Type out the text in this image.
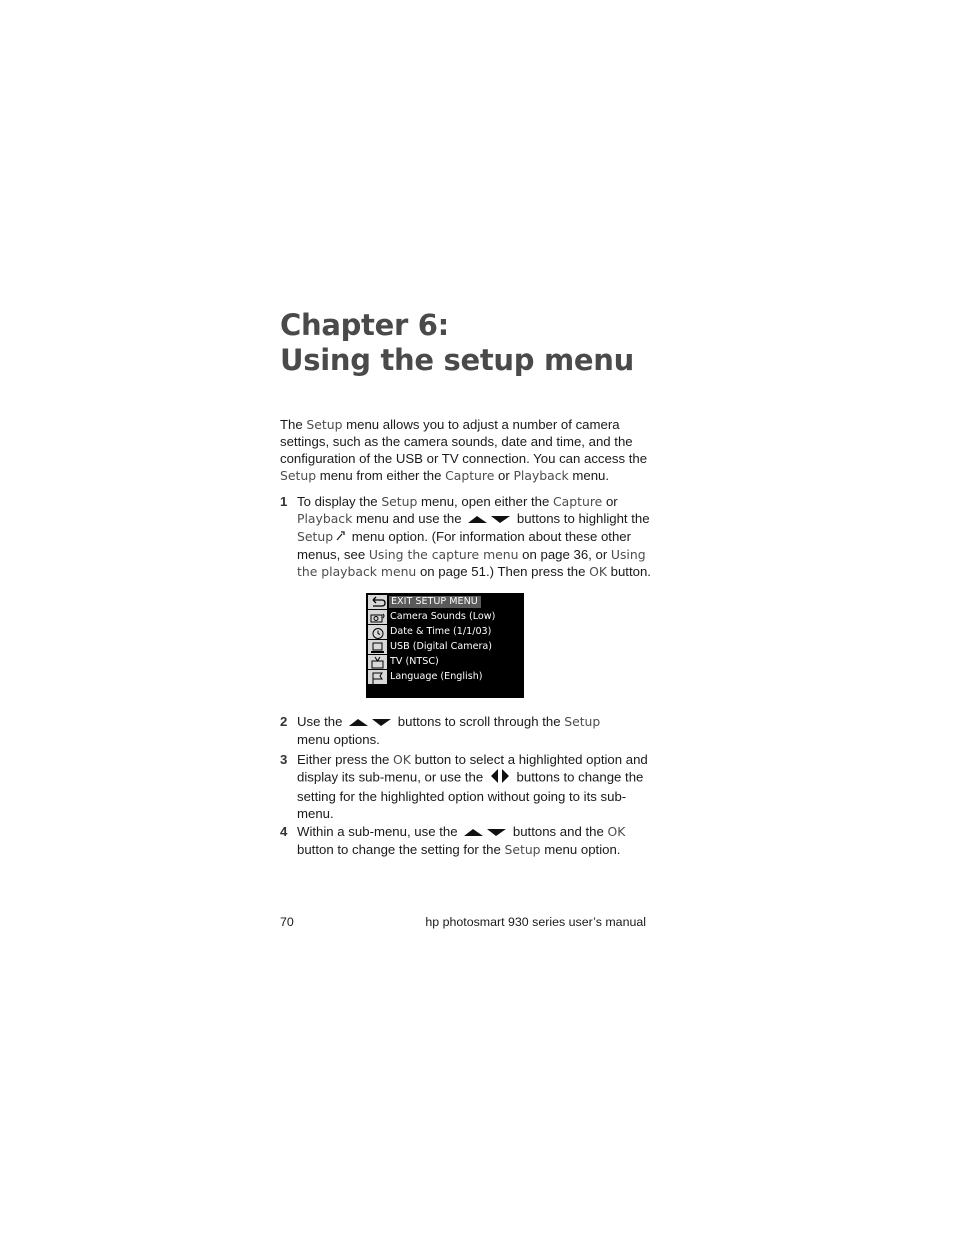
Chapter 6:
Using the setup menu
The Setup menu allows you to adjust a number of camera settings, such as the camera sounds, date and time, and the configuration of the USB or TV connection. You can access the Setup menu from either the Capture or Playback menu.
1 To display the Setup menu, open either the Capture or Playback menu and use the	buttons to highlight the Setup menu option. (For information about these other menus, see Using the capture menu on page 36, or Using the playback menu on page 51.) Then press the OK button.
EXIT SETUP MENU
Camera Sounds (Low)
Date & Time (1/1/03)
USB (Digital Camera)
TV (NTSC)
Language (English)
2 Use the	buttons to scroll through the Setup
menu options.
3 Either press the OK button to select a highlighted option and display its sub-menu, or use the  buttons to change the setting for the highlighted option without going to its sub-menu.
4 Within a sub-menu, use the	buttons and the OK button to change the setting for the Setup menu option.
70	hp photosmart 930 series user’s manual
